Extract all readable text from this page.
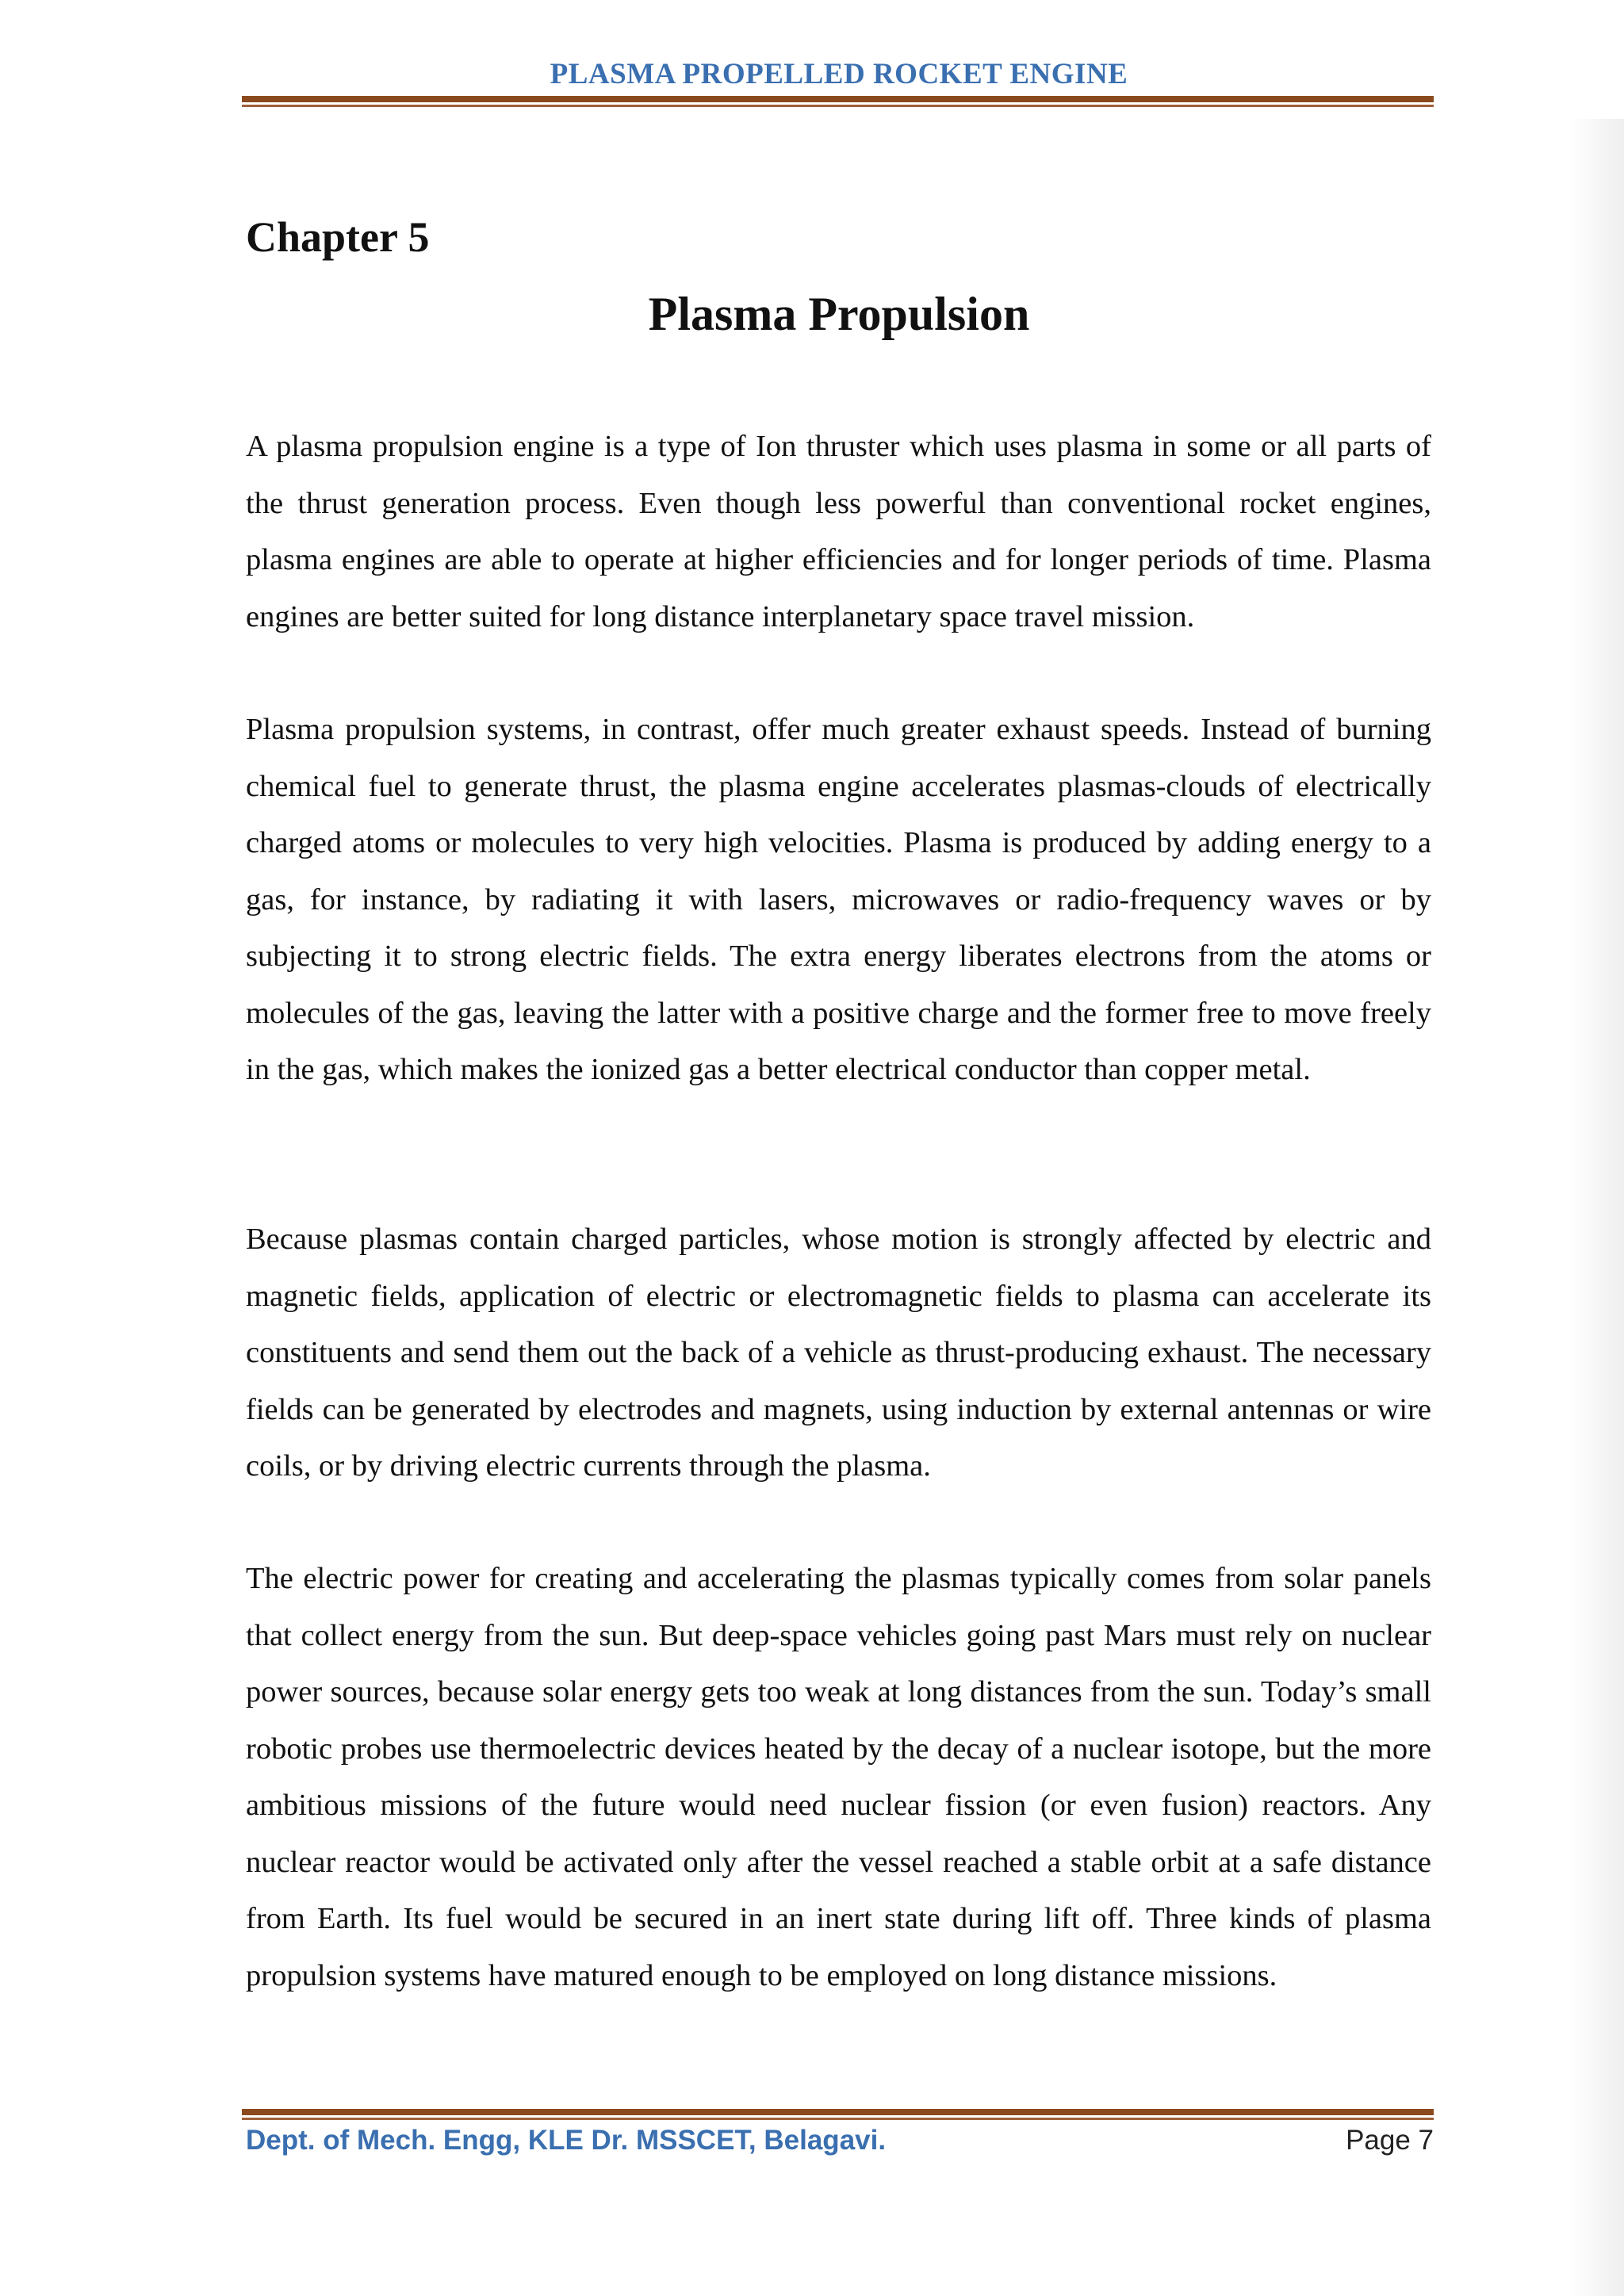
PLASMA PROPELLED ROCKET ENGINE
Chapter 5
Plasma Propulsion

A plasma propulsion engine is a type of Ion thruster which uses plasma in some or all parts of the thrust generation process. Even though less powerful than conventional rocket engines, plasma engines are able to operate at higher efficiencies and for longer periods of time. Plasma engines are better suited for long distance interplanetary space travel mission.

Plasma propulsion systems, in contrast, offer much greater exhaust speeds. Instead of burning chemical fuel to generate thrust, the plasma engine accelerates plasmas-clouds of electrically charged atoms or molecules to very high velocities. Plasma is produced by adding energy to a gas, for instance, by radiating it with lasers, microwaves or radio-frequency waves or by subjecting it to strong electric fields. The extra energy liberates electrons from the atoms or molecules of the gas, leaving the latter with a positive charge and the former free to move freely in the gas, which makes the ionized gas a better electrical conductor than copper metal.

Because plasmas contain charged particles, whose motion is strongly affected by electric and magnetic fields, application of electric or electromagnetic fields to plasma can accelerate its constituents and send them out the back of a vehicle as thrust-producing exhaust. The necessary fields can be generated by electrodes and magnets, using induction by external antennas or wire coils, or by driving electric currents through the plasma.

The electric power for creating and accelerating the plasmas typically comes from solar panels that collect energy from the sun. But deep-space vehicles going past Mars must rely on nuclear power sources, because solar energy gets too weak at long distances from the sun. Today’s small robotic probes use thermoelectric devices heated by the decay of a nuclear isotope, but the more ambitious missions of the future would need nuclear fission (or even fusion) reactors. Any nuclear reactor would be activated only after the vessel reached a stable orbit at a safe distance from Earth. Its fuel would be secured in an inert state during lift off. Three kinds of plasma propulsion systems have matured enough to be employed on long distance missions.

Dept. of Mech. Engg, KLE Dr. MSSCET, Belagavi.	Page 7
